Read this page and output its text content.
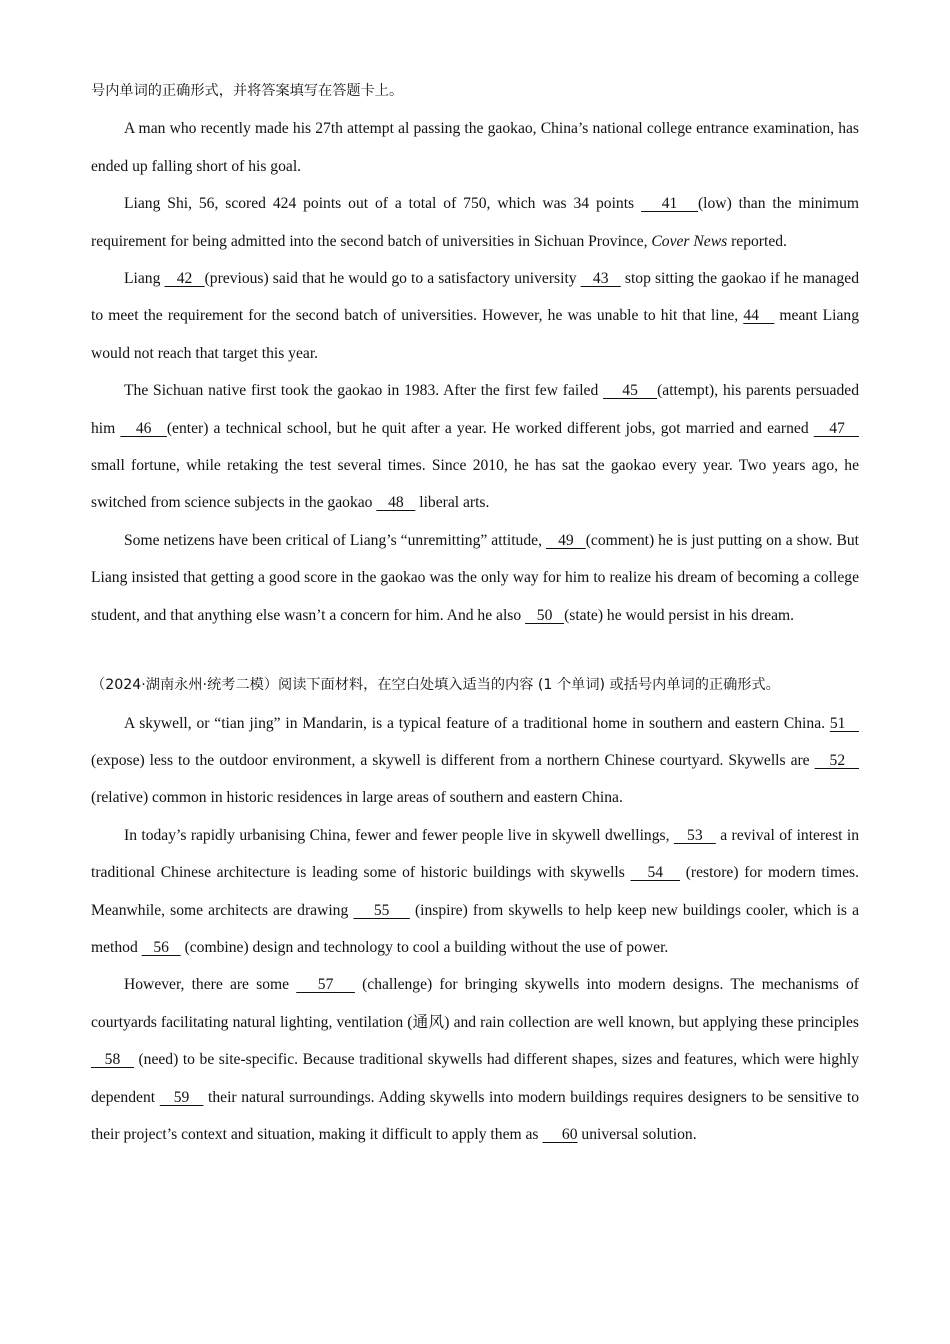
号内单词的正确形式，并将答案填写在答题卡上。

A man who recently made his 27th attempt al passing the gaokao, China’s national college entrance examination, has ended up falling short of his goal.

Liang Shi, 56, scored 424 points out of a total of 750, which was 34 points    41   (low) than the minimum requirement for being admitted into the second batch of universities in Sichuan Province, Cover News reported.

Liang    42   (previous) said that he would go to a satisfactory university    43    stop sitting the gaokao if he managed to meet the requirement for the second batch of universities. However, he was unable to hit that line, 44    meant Liang would not reach that target this year.

The Sichuan native first took the gaokao in 1983. After the first few failed     45    (attempt), his parents persuaded him    46   (enter) a technical school, but he quit after a year. He worked different jobs, got married and earned    47    small fortune, while retaking the test several times. Since 2010, he has sat the gaokao every year. Two years ago, he switched from science subjects in the gaokao    48    liberal arts.

Some netizens have been critical of Liang’s “unremitting” attitude,    49   (comment) he is just putting on a show. But Liang insisted that getting a good score in the gaokao was the only way for him to realize his dream of becoming a college student, and that anything else wasn’t a concern for him. And he also    50   (state) he would persist in his dream.

（2024·湖南永州·统考二模）阅读下面材料，在空白处填入适当的内容 (1 个单词) 或括号内单词的正确形式。

A skywell, or “tian jing” in Mandarin, is a typical feature of a traditional home in southern and eastern China. 51    (expose) less to the outdoor environment, a skywell is different from a northern Chinese courtyard. Skywells are    52    (relative) common in historic residences in large areas of southern and eastern China.

In today’s rapidly urbanising China, fewer and fewer people live in skywell dwellings,    53    a revival of interest in traditional Chinese architecture is leading some of historic buildings with skywells    54    (restore) for modern times. Meanwhile, some architects are drawing     55     (inspire) from skywells to help keep new buildings cooler, which is a method    56    (combine) design and technology to cool a building without the use of power.

However, there are some    57    (challenge) for bringing skywells into modern designs. The mechanisms of courtyards facilitating natural lighting, ventilation (通风) and rain collection are well known, but applying these principles    58    (need) to be site-specific. Because traditional skywells had different shapes, sizes and features, which were highly dependent    59    their natural surroundings. Adding skywells into modern buildings requires designers to be sensitive to their project’s context and situation, making it difficult to apply them as      60 universal solution.
